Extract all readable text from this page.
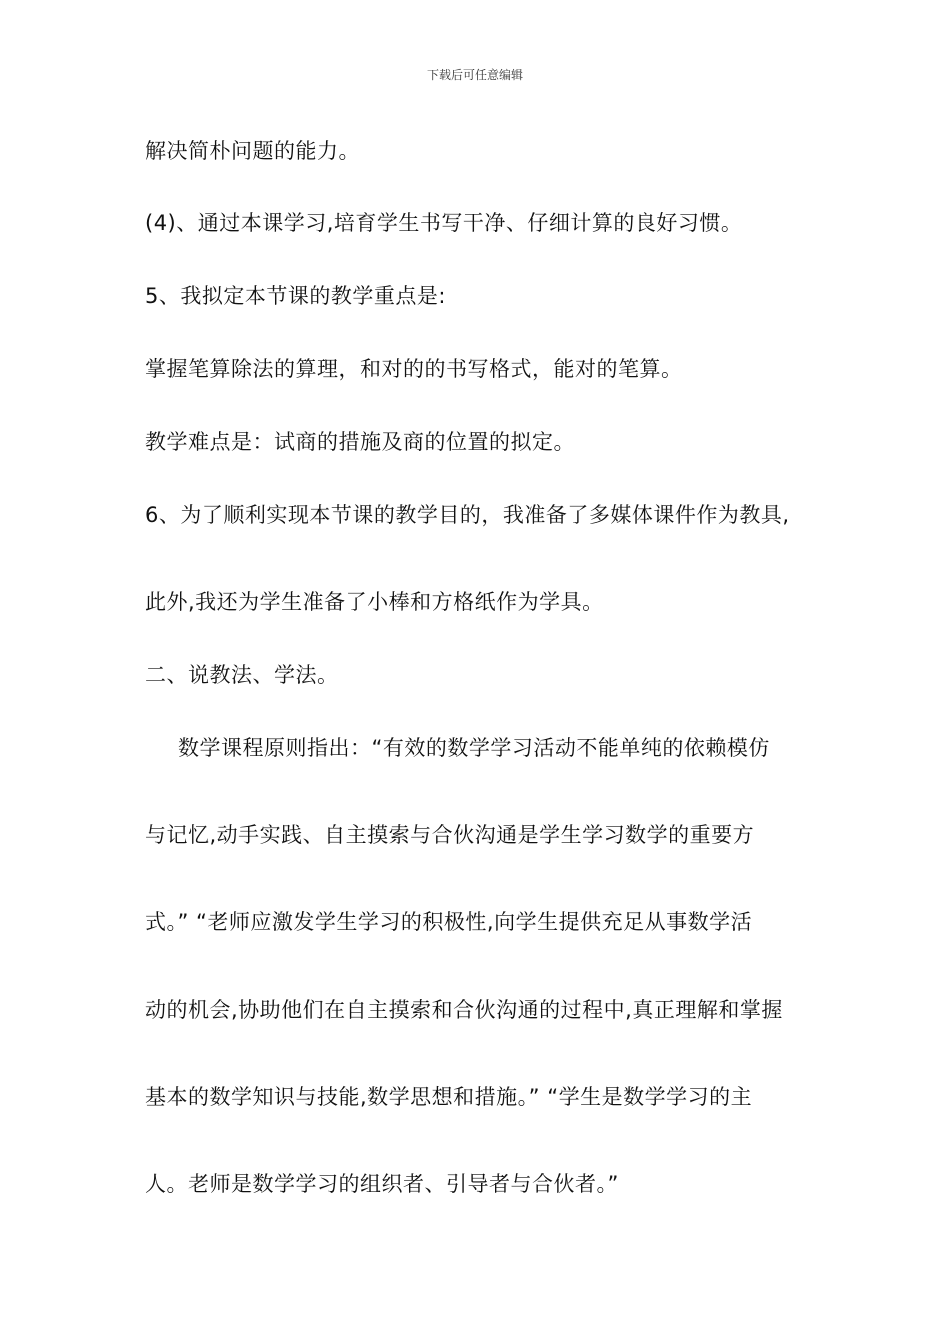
下载后可任意编辑
解决简朴问题的能力。
(4)、通过本课学习,培育学生书写干净、仔细计算的良好习惯。
5、我拟定本节课的教学重点是:
掌握笔算除法的算理，和对的的书写格式，能对的笔算。
教学难点是：试商的措施及商的位置的拟定。
6、为了顺利实现本节课的教学目的，我准备了多媒体课件作为教具,
此外,我还为学生准备了小棒和方格纸作为学具。
二、说教法、学法。
数学课程原则指出：“有效的数学学习活动不能单纯的依赖模仿
与记忆,动手实践、自主摸索与合伙沟通是学生学习数学的重要方
式。” “老师应激发学生学习的积极性,向学生提供充足从事数学活
动的机会,协助他们在自主摸索和合伙沟通的过程中,真正理解和掌握
基本的数学知识与技能,数学思想和措施。” “学生是数学学习的主
人。老师是数学学习的组织者、引导者与合伙者。”
